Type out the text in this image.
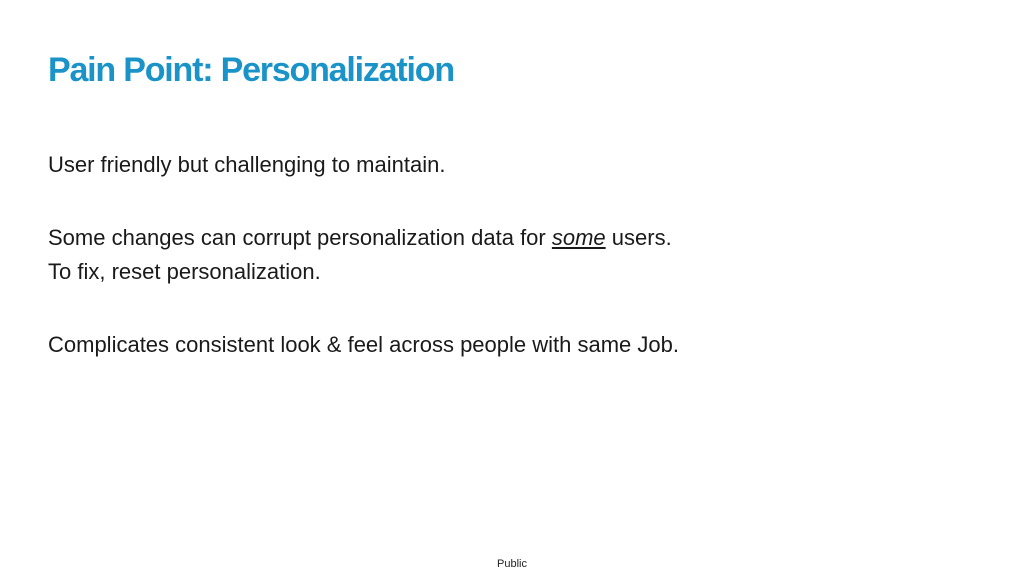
Pain Point: Personalization

User friendly but challenging to maintain.

Some changes can corrupt personalization data for some users.

To fix, reset personalization.

Complicates consistent look & feel across people with same Job.

Public
